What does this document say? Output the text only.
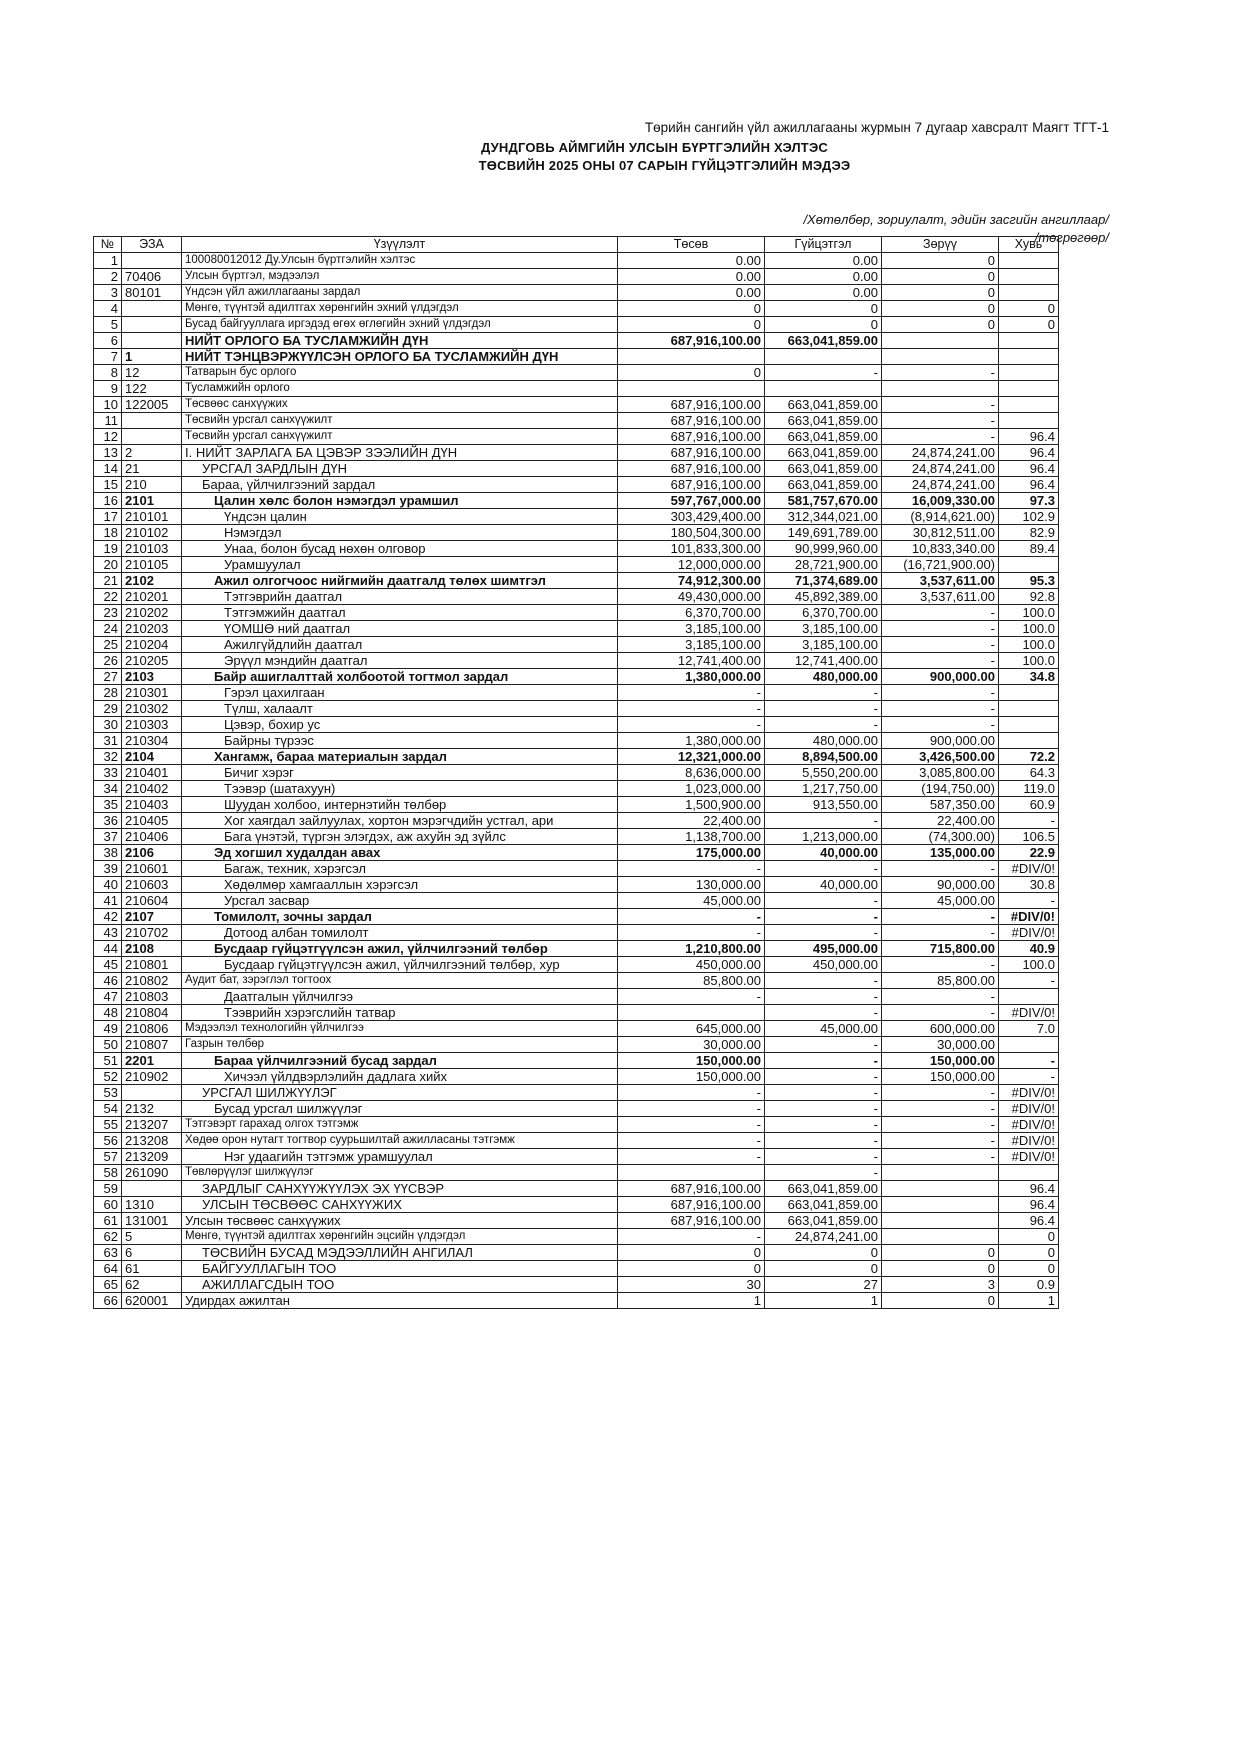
Төрийн сангийн үйл ажиллагааны журмын 7 дугаар хавсралт Маягт ТГТ-1
ДУНДГОВЬ АЙМГИЙН УЛСЫН БҮРТГЭЛИЙН ХЭЛТЭС
ТӨСВИЙН 2025 ОНЫ 07 САРЫН ГҮЙЦЭТГЭЛИЙН МЭДЭЭ
/Хөтөлбөр, зориулалт, эдийн засгийн ангиллаар/
/төгрөгөөр/
№	ЭЗА	Үзүүлэлт	Төсөв	Гүйцэтгэл	Зөрүү	Хувь
1		100080012012 Ду.Улсын бүртгэлийн хэлтэс	0.00	0.00	0	
2	70406	Улсын бүртгэл, мэдээлэл	0.00	0.00	0	
3	80101	Үндсэн үйл ажиллагааны зардал	0.00	0.00	0	
4		Мөнгө, түүнтэй адилтгах хөрөнгийн эхний үлдэгдэл	0	0	0	0
5		Бусад байгууллага иргэдэд өгөх өглөгийн эхний үлдэгдэл	0	0	0	0
6		НИЙТ ОРЛОГО БА ТУСЛАМЖИЙН ДҮН	687,916,100.00	663,041,859.00		
7	1	НИЙТ ТЭНЦВЭРЖҮҮЛСЭН ОРЛОГО БА ТУСЛАМЖИЙН ДҮН				
8	12	Татварын бус орлого	0	-	-	
9	122	Тусламжийн орлого				
10	122005	Төсвөөс санхүүжих	687,916,100.00	663,041,859.00	-	
11		Төсвийн урсгал санхүүжилт	687,916,100.00	663,041,859.00	-	
12		Төсвийн урсгал санхүүжилт	687,916,100.00	663,041,859.00	-	96.4
13	2	I. НИЙТ ЗАРЛАГА БА ЦЭВЭР ЗЭЭЛИЙН ДҮН	687,916,100.00	663,041,859.00	24,874,241.00	96.4
14	21	УРСГАЛ ЗАРДЛЫН ДҮН	687,916,100.00	663,041,859.00	24,874,241.00	96.4
15	210	Бараа, үйлчилгээний зардал	687,916,100.00	663,041,859.00	24,874,241.00	96.4
16	2101	Цалин хөлс болон нэмэгдэл урамшил	597,767,000.00	581,757,670.00	16,009,330.00	97.3
17	210101	Үндсэн цалин	303,429,400.00	312,344,021.00	(8,914,621.00)	102.9
18	210102	Нэмэгдэл	180,504,300.00	149,691,789.00	30,812,511.00	82.9
19	210103	Унаа, болон бусад нөхөн олговор	101,833,300.00	90,999,960.00	10,833,340.00	89.4
20	210105	Урамшуулал	12,000,000.00	28,721,900.00	(16,721,900.00)	
21	2102	Ажил олгогчоос нийгмийн даатгалд төлөх шимтгэл	74,912,300.00	71,374,689.00	3,537,611.00	95.3
22	210201	Тэтгэврийн даатгал	49,430,000.00	45,892,389.00	3,537,611.00	92.8
23	210202	Тэтгэмжийн даатгал	6,370,700.00	6,370,700.00	-	100.0
24	210203	ҮОМШӨ ний даатгал	3,185,100.00	3,185,100.00	-	100.0
25	210204	Ажилгүйдлийн даатгал	3,185,100.00	3,185,100.00	-	100.0
26	210205	Эрүүл мэндийн даатгал	12,741,400.00	12,741,400.00	-	100.0
27	2103	Байр ашиглалттай холбоотой тогтмол зардал	1,380,000.00	480,000.00	900,000.00	34.8
28	210301	Гэрэл цахилгаан	-	-	-	
29	210302	Түлш, халаалт	-	-	-	
30	210303	Цэвэр, бохир ус	-	-	-	
31	210304	Байрны түрээс	1,380,000.00	480,000.00	900,000.00	
32	2104	Хангамж, бараа материалын зардал	12,321,000.00	8,894,500.00	3,426,500.00	72.2
33	210401	Бичиг хэрэг	8,636,000.00	5,550,200.00	3,085,800.00	64.3
34	210402	Тээвэр (шатахуун)	1,023,000.00	1,217,750.00	(194,750.00)	119.0
35	210403	Шуудан холбоо, интернэтийн төлбөр	1,500,900.00	913,550.00	587,350.00	60.9
36	210405	Хог хаягдал зайлуулах, хортон мэрэгчдийн устгал, ари	22,400.00	-	22,400.00	-
37	210406	Бага үнэтэй, түргэн элэгдэх, аж ахуйн эд зүйлс	1,138,700.00	1,213,000.00	(74,300.00)	106.5
38	2106	Эд хогшил худалдан авах	175,000.00	40,000.00	135,000.00	22.9
39	210601	Багаж, техник, хэрэгсэл	-	-	-	#DIV/0!
40	210603	Хөдөлмөр хамгааллын хэрэгсэл	130,000.00	40,000.00	90,000.00	30.8
41	210604	Урсгал засвар	45,000.00	-	45,000.00	-
42	2107	Томилолт, зочны зардал	-	-	-	#DIV/0!
43	210702	Дотоод албан томилолт	-	-	-	#DIV/0!
44	2108	Бусдаар гүйцэтгүүлсэн ажил, үйлчилгээний төлбөр	1,210,800.00	495,000.00	715,800.00	40.9
45	210801	Бусдаар гүйцэтгүүлсэн ажил, үйлчилгээний төлбөр, хур	450,000.00	450,000.00	-	100.0
46	210802	Аудит бат, зэрэглэл тогтоох	85,800.00	-	85,800.00	-
47	210803	Даатгалын үйлчилгээ	-	-	-	
48	210804	Тээврийн хэрэгслийн татвар		-	-	#DIV/0!
49	210806	Мэдээлэл технологийн үйлчилгээ	645,000.00	45,000.00	600,000.00	7.0
50	210807	Газрын төлбөр	30,000.00	-	30,000.00	
51	2201	Бараа үйлчилгээний бусад зардал	150,000.00	-	150,000.00	-
52	210902	Хичээл үйлдвэрлэлийн дадлага хийх	150,000.00	-	150,000.00	-
53		УРСГАЛ ШИЛЖҮҮЛЭГ	-	-	-	#DIV/0!
54	2132	Бусад урсгал шилжүүлэг	-	-	-	#DIV/0!
55	213207	Тэтгэвэрт гарахад олгох тэтгэмж	-	-	-	#DIV/0!
56	213208	Хөдөө орон нутагт тогтвор суурьшилтай ажилласаны тэтгэмж	-	-	-	#DIV/0!
57	213209	Нэг удаагийн тэтгэмж урамшуулал	-	-	-	#DIV/0!
58	261090	Төвлөрүүлэг шилжүүлэг		-		
59		ЗАРДЛЫГ САНХҮҮЖҮҮЛЭХ ЭХ ҮҮСВЭР	687,916,100.00	663,041,859.00		96.4
60	1310	УЛСЫН ТӨСВӨӨС САНХҮҮЖИХ	687,916,100.00	663,041,859.00		96.4
61	131001	Улсын төсвөөс санхүүжих	687,916,100.00	663,041,859.00		96.4
62	5	Мөнгө, түүнтэй адилтгах хөрөнгийн эцсийн үлдэгдэл	-	24,874,241.00		0
63	6	ТӨСВИЙН БУСАД МЭДЭЭЛЛИЙН АНГИЛАЛ	0	0	0	0
64	61	БАЙГУУЛЛАГЫН ТОО	0	0	0	0
65	62	АЖИЛЛАГСДЫН ТОО	30	27	3	0.9
66	620001	Удирдах ажилтан	1	1	0	1
